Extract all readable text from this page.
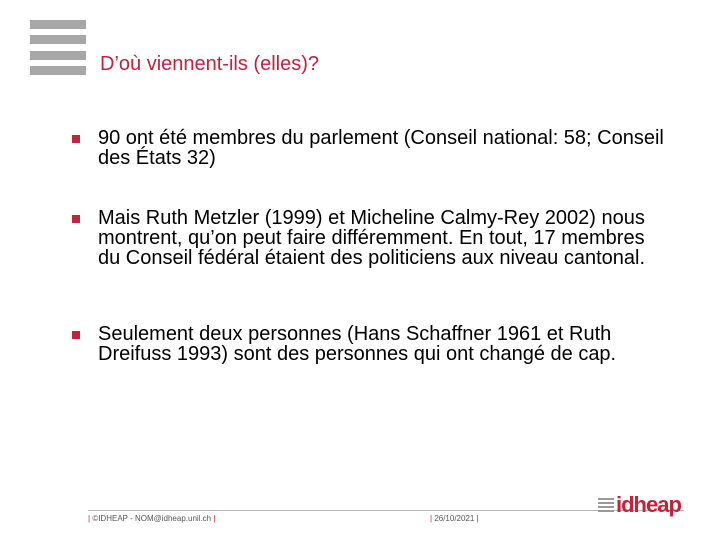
D’où viennent-ils (elles)?
90 ont été membres du parlement (Conseil national: 58; Conseil des États 32)
Mais Ruth Metzler (1999) et Micheline Calmy-Rey 2002) nous montrent, qu’on peut faire différemment. En tout, 17 membres du Conseil fédéral étaient des politiciens aux niveau cantonal.
Seulement deux personnes (Hans Schaffner 1961 et Ruth Dreifuss 1993) sont des personnes qui ont changé de cap.
| ©IDHEAP - NOM@idheap.unil.ch |	| 26/10/2021 |
idheap
